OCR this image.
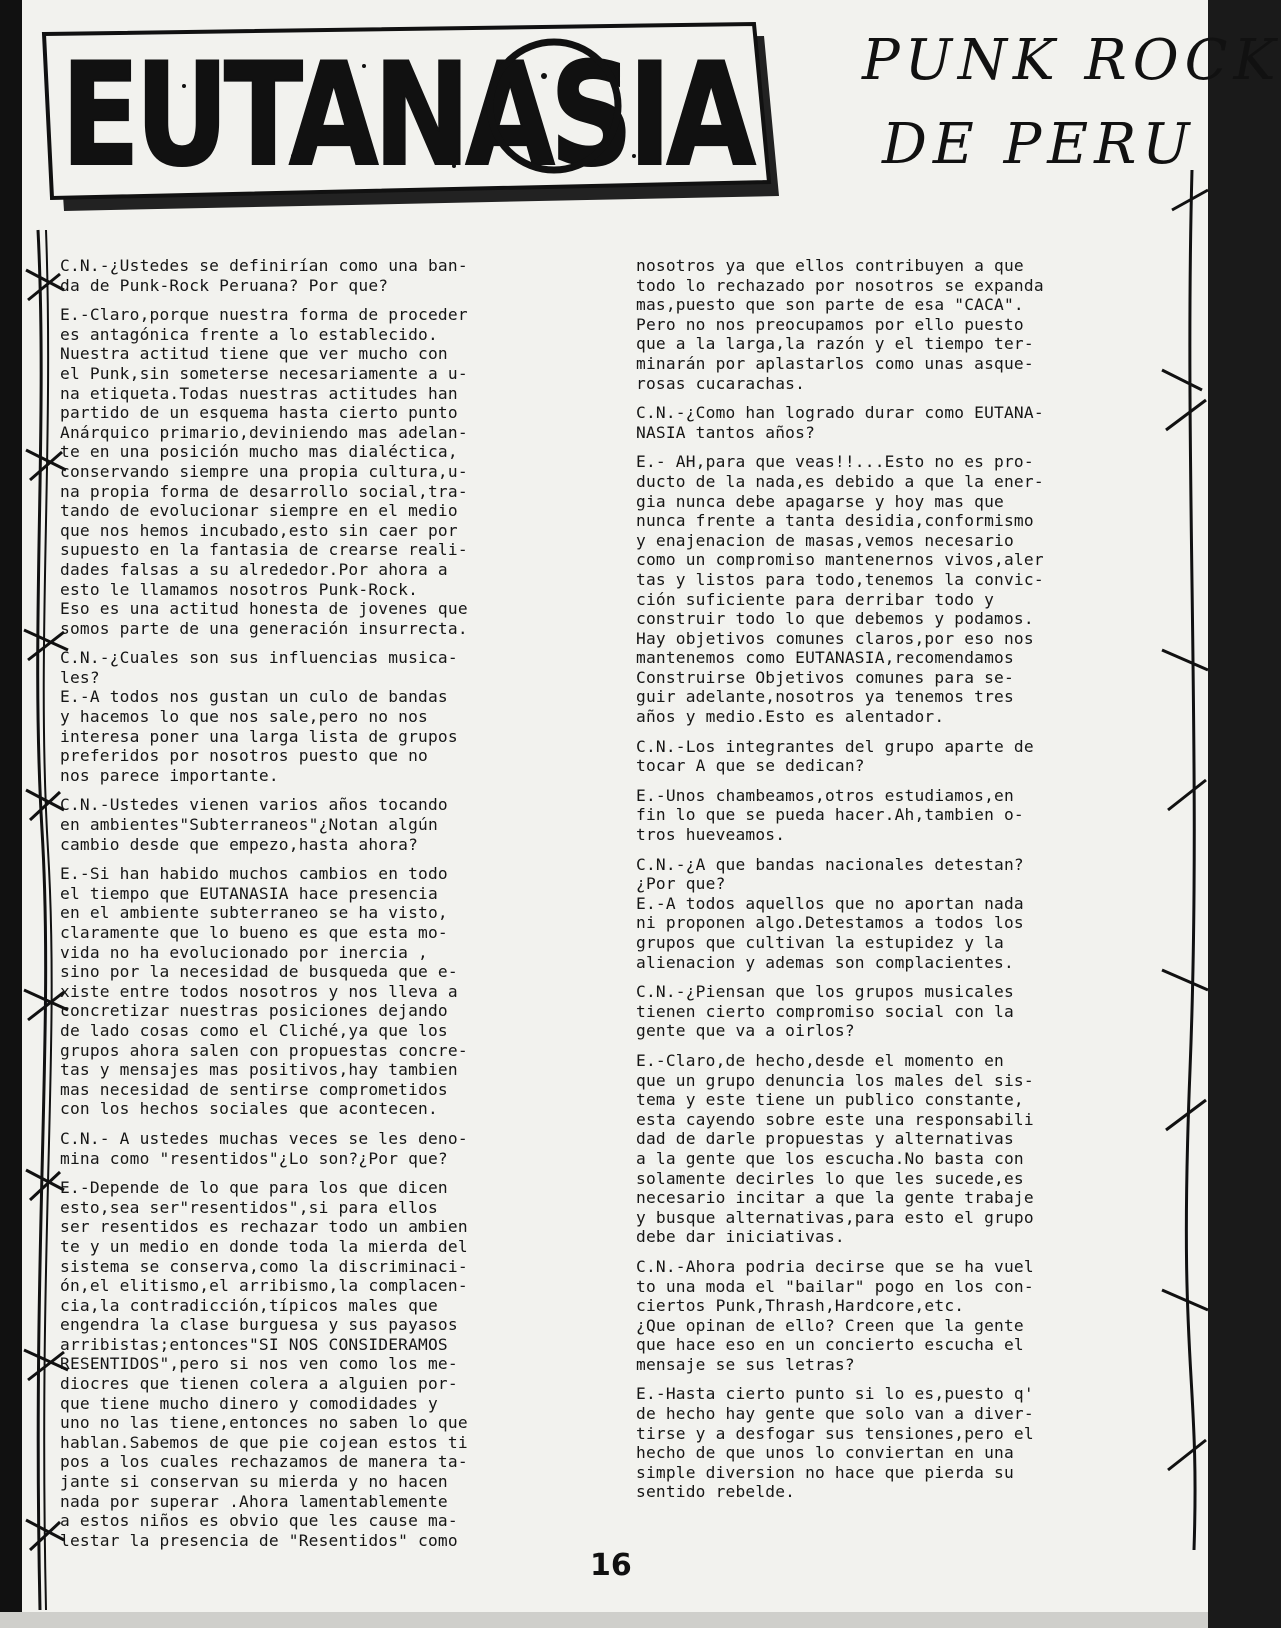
EUTANASIA PUNK ROCK
DE PERU

C.N.-¿Ustedes se definirían como una ban-
da de Punk-Rock Peruana? Por que?

E.-Claro,porque nuestra forma de proceder
es antagónica frente a lo establecido.
Nuestra actitud tiene que ver mucho con
el Punk,sin someterse necesariamente a u-
na etiqueta.Todas nuestras actitudes han
partido de un esquema hasta cierto punto
Anárquico primario,deviniendo mas adelan-
te en una posición mucho mas dialéctica,
conservando siempre una propia cultura,u-
na propia forma de desarrollo social,tra-
tando de evolucionar siempre en el medio
que nos hemos incubado,esto sin caer por
supuesto en la fantasia de crearse reali-
dades falsas a su alrededor.Por ahora a
esto le llamamos nosotros Punk-Rock.
Eso es una actitud honesta de jovenes que
somos parte de una generación insurrecta.

C.N.-¿Cuales son sus influencias musica-
les?
E.-A todos nos gustan un culo de bandas
y hacemos lo que nos sale,pero no nos
interesa poner una larga lista de grupos
preferidos por nosotros puesto que no
nos parece importante.

C.N.-Ustedes vienen varios años tocando
en ambientes"Subterraneos"¿Notan algún
cambio desde que empezo,hasta ahora?

E.-Si han habido muchos cambios en todo
el tiempo que EUTANASIA hace presencia
en el ambiente subterraneo se ha visto,
claramente que lo bueno es que esta mo-
vida no ha evolucionado por inercia ,
sino por la necesidad de busqueda que e-
xiste entre todos nosotros y nos lleva a
concretizar nuestras posiciones dejando
de lado cosas como el Cliché,ya que los
grupos ahora salen con propuestas concre-
tas y mensajes mas positivos,hay tambien
mas necesidad de sentirse comprometidos
con los hechos sociales que acontecen.

C.N.- A ustedes muchas veces se les deno-
mina como "resentidos"¿Lo son?¿Por que?

E.-Depende de lo que para los que dicen
esto,sea ser"resentidos",si para ellos
ser resentidos es rechazar todo un ambien
te y un medio en donde toda la mierda del
sistema se conserva,como la discriminaci-
ón,el elitismo,el arribismo,la complacen-
cia,la contradicción,típicos males que
engendra la clase burguesa y sus payasos
arribistas;entonces"SI NOS CONSIDERAMOS
RESENTIDOS",pero si nos ven como los me-
diocres que tienen colera a alguien por-
que tiene mucho dinero y comodidades y
uno no las tiene,entonces no saben lo que
hablan.Sabemos de que pie cojean estos ti
pos a los cuales rechazamos de manera ta-
jante si conservan su mierda y no hacen
nada por superar .Ahora lamentablemente
a estos niños es obvio que les cause ma-
lestar la presencia de "Resentidos" como

nosotros ya que ellos contribuyen a que
todo lo rechazado por nosotros se expanda
mas,puesto que son parte de esa "CACA".
Pero no nos preocupamos por ello puesto
que a la larga,la razón y el tiempo ter-
minarán por aplastarlos como unas asque-
rosas cucarachas.

C.N.-¿Como han logrado durar como EUTANA-
NASIA tantos años?

E.- AH,para que veas!!...Esto no es pro-
ducto de la nada,es debido a que la ener-
gia nunca debe apagarse y hoy mas que
nunca frente a tanta desidia,conformismo
y enajenacion de masas,vemos necesario
como un compromiso mantenernos vivos,aler
tas y listos para todo,tenemos la convic-
ción suficiente para derribar todo y
construir todo lo que debemos y podamos.
Hay objetivos comunes claros,por eso nos
mantenemos como EUTANASIA,recomendamos
Construirse Objetivos comunes para se-
guir adelante,nosotros ya tenemos tres
años y medio.Esto es alentador.

C.N.-Los integrantes del grupo aparte de
tocar A que se dedican?

E.-Unos chambeamos,otros estudiamos,en
fin lo que se pueda hacer.Ah,tambien o-
tros hueveamos.

C.N.-¿A que bandas nacionales detestan?
¿Por que?
E.-A todos aquellos que no aportan nada
ni proponen algo.Detestamos a todos los
grupos que cultivan la estupidez y la
alienacion y ademas son complacientes.

C.N.-¿Piensan que los grupos musicales
tienen cierto compromiso social con la
gente que va a oirlos?

E.-Claro,de hecho,desde el momento en
que un grupo denuncia los males del sis-
tema y este tiene un publico constante,
esta cayendo sobre este una responsabili
dad de darle propuestas y alternativas
a la gente que los escucha.No basta con
solamente decirles lo que les sucede,es
necesario incitar a que la gente trabaje
y busque alternativas,para esto el grupo
debe dar iniciativas.

C.N.-Ahora podria decirse que se ha vuel
to una moda el "bailar" pogo en los con-
ciertos Punk,Thrash,Hardcore,etc.
¿Que opinan de ello? Creen que la gente
que hace eso en un concierto escucha el
mensaje se sus letras?

E.-Hasta cierto punto si lo es,puesto q'
de hecho hay gente que solo van a diver-
tirse y a desfogar sus tensiones,pero el
hecho de que unos lo conviertan en una
simple diversion no hace que pierda su
sentido rebelde.

16
